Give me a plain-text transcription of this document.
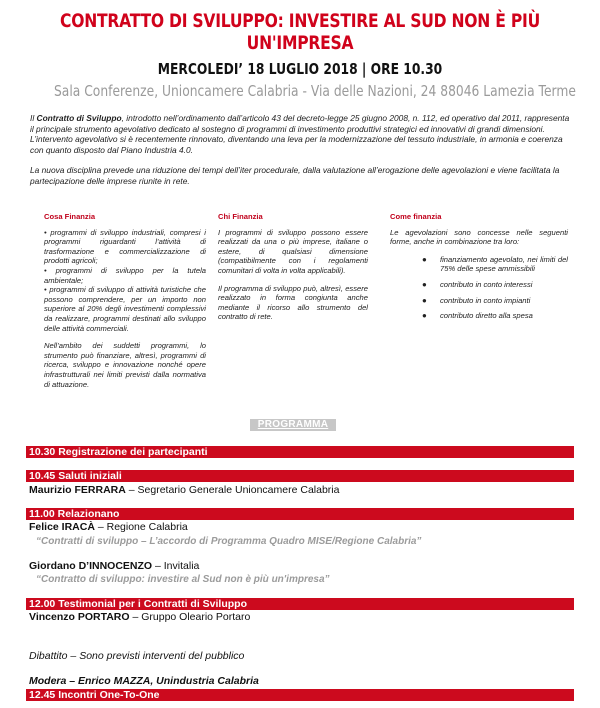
CONTRATTO DI SVILUPPO: INVESTIRE AL SUD NON È PIÙ UN'IMPRESA
MERCOLEDI’ 18 LUGLIO 2018 | ORE 10.30
Sala Conferenze, Unioncamere Calabria - Via delle Nazioni, 24 88046 Lamezia Terme

Il Contratto di Sviluppo, introdotto nell’ordinamento dall’articolo 43 del decreto-legge 25 giugno 2008, n. 112, ed operativo dal 2011, rappresenta il principale strumento agevolativo dedicato al sostegno di programmi di investimento produttivi strategici ed innovativi di grandi dimensioni.

L’intervento agevolativo si è recentemente rinnovato, diventando una leva per la modernizzazione del tessuto industriale, in armonia e coerenza con quanto disposto dal Piano Industria 4.0.

La nuova disciplina prevede una riduzione dei tempi dell’iter procedurale, dalla valutazione all’erogazione delle agevolazioni e viene facilitata la partecipazione delle imprese riunite in rete.

Cosa Finanzia

• programmi di sviluppo industriali, compresi i programmi riguardanti l’attività di trasformazione e commercializzazione di prodotti agricoli;

• programmi di sviluppo per la tutela ambientale;

• programmi di sviluppo di attività turistiche che possono comprendere, per un importo non superiore al 20% degli investimenti complessivi da realizzare, programmi destinati allo sviluppo delle attività commerciali.

Nell’ambito dei suddetti programmi, lo strumento può finanziare, altresì, programmi di ricerca, sviluppo e innovazione nonché opere infrastrutturali nei limiti previsti dalla normativa di attuazione.

Chi Finanzia

I programmi di sviluppo possono essere realizzati da una o più imprese, italiane o estere, di qualsiasi dimensione (compatibilmente con i regolamenti comunitari di volta in volta applicabili).

Il programma di sviluppo può, altresì, essere realizzato in forma congiunta anche mediante il ricorso allo strumento del contratto di rete.

Come finanzia

Le agevolazioni sono concesse nelle seguenti forme, anche in combinazione tra loro:

● finanziamento agevolato, nei limiti del 75% delle spese ammissibili
● contributo in conto interessi
● contributo in conto impianti
● contributo diretto alla spesa
PROGRAMMA
10.30 Registrazione dei partecipanti
10.45 Saluti iniziali
Maurizio FERRARA – Segretario Generale Unioncamere Calabria
11.00 Relazionano
Felice IRACÀ – Regione Calabria
“Contratti di sviluppo – L’accordo di Programma Quadro MISE/Regione Calabria”
Giordano D’INNOCENZO – Invitalia
“Contratto di sviluppo: investire al Sud non è più un'impresa”
12.00 Testimonial per i Contratti di Sviluppo
Vincenzo PORTARO – Gruppo Oleario Portaro
Dibattito – Sono previsti interventi del pubblico
Modera – Enrico MAZZA, Unindustria Calabria
12.45 Incontri One-To-One
